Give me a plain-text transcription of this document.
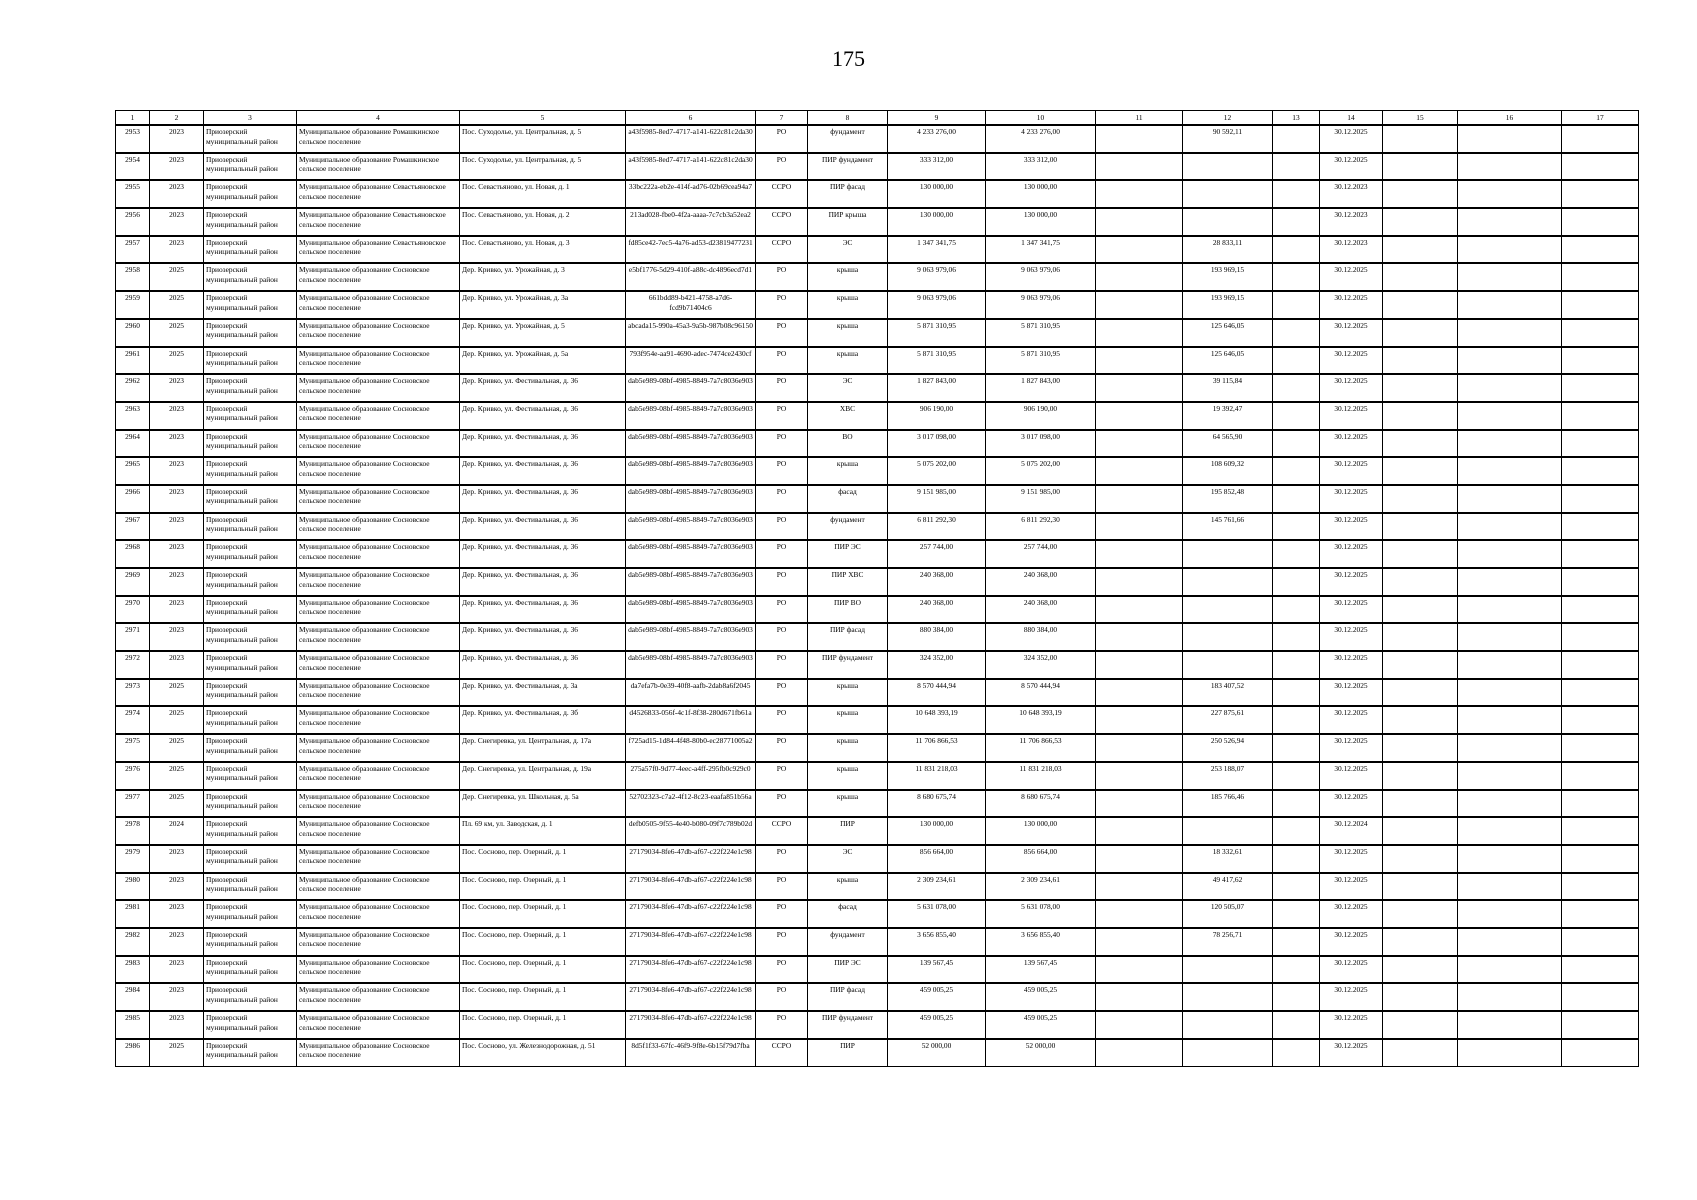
175
1	2	3	4	5	6	7	8	9	10	11	12	13	14	15	16	17
2953	2023	Приозерский муниципальный район	Муниципальное образование Ромашкинское сельское поселение	Пос. Суходолье, ул. Центральная, д. 5	a43f5985-8ed7-4717-a141-622c81c2da30	РО	фундамент	4 233 276,00	4 233 276,00		90 592,11		30.12.2025			
2954	2023	Приозерский муниципальный район	Муниципальное образование Ромашкинское сельское поселение	Пос. Суходолье, ул. Центральная, д. 5	a43f5985-8ed7-4717-a141-622c81c2da30	РО	ПИР фундамент	333 312,00	333 312,00				30.12.2025			
2955	2023	Приозерский муниципальный район	Муниципальное образование Севастьяновское сельское поселение	Пос. Севастьяново, ул. Новая, д. 1	33bc222a-eb2e-414f-ad76-02b69cea94a7	ССРО	ПИР фасад	130 000,00	130 000,00				30.12.2023			
2956	2023	Приозерский муниципальный район	Муниципальное образование Севастьяновское сельское поселение	Пос. Севастьяново, ул. Новая, д. 2	213ad028-fbe0-4f2a-aaaa-7c7cb3a52ea2	ССРО	ПИР крыша	130 000,00	130 000,00				30.12.2023			
2957	2023	Приозерский муниципальный район	Муниципальное образование Севастьяновское сельское поселение	Пос. Севастьяново, ул. Новая, д. 3	fd85ce42-7ec5-4a76-ad53-d23819477231	ССРО	ЭС	1 347 341,75	1 347 341,75		28 833,11		30.12.2023			
2958	2025	Приозерский муниципальный район	Муниципальное образование Сосновское сельское поселение	Дер. Кривко, ул. Урожайная, д. 3	e5bf1776-5d29-410f-a88c-dc4896ecd7d1	РО	крыша	9 063 979,06	9 063 979,06		193 969,15		30.12.2025			
2959	2025	Приозерский муниципальный район	Муниципальное образование Сосновское сельское поселение	Дер. Кривко, ул. Урожайная, д. 3а	661bdd89-b421-4758-a7d6-fcd9b71404c6	РО	крыша	9 063 979,06	9 063 979,06		193 969,15		30.12.2025			
2960	2025	Приозерский муниципальный район	Муниципальное образование Сосновское сельское поселение	Дер. Кривко, ул. Урожайная, д. 5	abcada15-990a-45a3-9a5b-987b08c96150	РО	крыша	5 871 310,95	5 871 310,95		125 646,05		30.12.2025			
2961	2025	Приозерский муниципальный район	Муниципальное образование Сосновское сельское поселение	Дер. Кривко, ул. Урожайная, д. 5а	793f954e-aa91-4690-adec-7474ce2430cf	РО	крыша	5 871 310,95	5 871 310,95		125 646,05		30.12.2025			
2962	2023	Приозерский муниципальный район	Муниципальное образование Сосновское сельское поселение	Дер. Кривко, ул. Фестивальная, д. 36	dab5e989-08bf-4985-8849-7a7c8036e903	РО	ЭС	1 827 843,00	1 827 843,00		39 115,84		30.12.2025			
2963	2023	Приозерский муниципальный район	Муниципальное образование Сосновское сельское поселение	Дер. Кривко, ул. Фестивальная, д. 36	dab5e989-08bf-4985-8849-7a7c8036e903	РО	ХВС	906 190,00	906 190,00		19 392,47		30.12.2025			
2964	2023	Приозерский муниципальный район	Муниципальное образование Сосновское сельское поселение	Дер. Кривко, ул. Фестивальная, д. 36	dab5e989-08bf-4985-8849-7a7c8036e903	РО	ВО	3 017 098,00	3 017 098,00		64 565,90		30.12.2025			
2965	2023	Приозерский муниципальный район	Муниципальное образование Сосновское сельское поселение	Дер. Кривко, ул. Фестивальная, д. 36	dab5e989-08bf-4985-8849-7a7c8036e903	РО	крыша	5 075 202,00	5 075 202,00		108 609,32		30.12.2025			
2966	2023	Приозерский муниципальный район	Муниципальное образование Сосновское сельское поселение	Дер. Кривко, ул. Фестивальная, д. 36	dab5e989-08bf-4985-8849-7a7c8036e903	РО	фасад	9 151 985,00	9 151 985,00		195 852,48		30.12.2025			
2967	2023	Приозерский муниципальный район	Муниципальное образование Сосновское сельское поселение	Дер. Кривко, ул. Фестивальная, д. 36	dab5e989-08bf-4985-8849-7a7c8036e903	РО	фундамент	6 811 292,30	6 811 292,30		145 761,66		30.12.2025			
2968	2023	Приозерский муниципальный район	Муниципальное образование Сосновское сельское поселение	Дер. Кривко, ул. Фестивальная, д. 36	dab5e989-08bf-4985-8849-7a7c8036e903	РО	ПИР ЭС	257 744,00	257 744,00				30.12.2025			
2969	2023	Приозерский муниципальный район	Муниципальное образование Сосновское сельское поселение	Дер. Кривко, ул. Фестивальная, д. 36	dab5e989-08bf-4985-8849-7a7c8036e903	РО	ПИР ХВС	240 368,00	240 368,00				30.12.2025			
2970	2023	Приозерский муниципальный район	Муниципальное образование Сосновское сельское поселение	Дер. Кривко, ул. Фестивальная, д. 36	dab5e989-08bf-4985-8849-7a7c8036e903	РО	ПИР ВО	240 368,00	240 368,00				30.12.2025			
2971	2023	Приозерский муниципальный район	Муниципальное образование Сосновское сельское поселение	Дер. Кривко, ул. Фестивальная, д. 36	dab5e989-08bf-4985-8849-7a7c8036e903	РО	ПИР фасад	880 384,00	880 384,00				30.12.2025			
2972	2023	Приозерский муниципальный район	Муниципальное образование Сосновское сельское поселение	Дер. Кривко, ул. Фестивальная, д. 36	dab5e989-08bf-4985-8849-7a7c8036e903	РО	ПИР фундамент	324 352,00	324 352,00				30.12.2025			
2973	2025	Приозерский муниципальный район	Муниципальное образование Сосновское сельское поселение	Дер. Кривко, ул. Фестивальная, д. 3а	da7efa7b-0e39-40f8-aafb-2dab8a6f2045	РО	крыша	8 570 444,94	8 570 444,94		183 407,52		30.12.2025			
2974	2025	Приозерский муниципальный район	Муниципальное образование Сосновское сельское поселение	Дер. Кривко, ул. Фестивальная, д. 3б	d4526833-056f-4c1f-8f38-280d671fb61a	РО	крыша	10 648 393,19	10 648 393,19		227 875,61		30.12.2025			
2975	2025	Приозерский муниципальный район	Муниципальное образование Сосновское сельское поселение	Дер. Снегиревка, ул. Центральная, д. 17а	f725ad15-1d84-4f48-80b0-ec28771005a2	РО	крыша	11 706 866,53	11 706 866,53		250 526,94		30.12.2025			
2976	2025	Приозерский муниципальный район	Муниципальное образование Сосновское сельское поселение	Дер. Снегиревка, ул. Центральная, д. 19а	275a57f0-9d77-4eec-a4ff-295fb0c929c0	РО	крыша	11 831 218,03	11 831 218,03		253 188,07		30.12.2025			
2977	2025	Приозерский муниципальный район	Муниципальное образование Сосновское сельское поселение	Дер. Снегиревка, ул. Школьная, д. 5а	52702323-c7a2-4f12-8c23-eaafa851b56a	РО	крыша	8 680 675,74	8 680 675,74		185 766,46		30.12.2025			
2978	2024	Приозерский муниципальный район	Муниципальное образование Сосновское сельское поселение	Пл. 69 км, ул. Заводская, д. 1	defb0505-9f55-4e40-b080-09f7c789b02d	ССРО	ПИР	130 000,00	130 000,00				30.12.2024			
2979	2023	Приозерский муниципальный район	Муниципальное образование Сосновское сельское поселение	Пос. Сосново, пер. Озерный, д. 1	27179034-8fe6-47db-af67-c22f224e1c98	РО	ЭС	856 664,00	856 664,00		18 332,61		30.12.2025			
2980	2023	Приозерский муниципальный район	Муниципальное образование Сосновское сельское поселение	Пос. Сосново, пер. Озерный, д. 1	27179034-8fe6-47db-af67-c22f224e1c98	РО	крыша	2 309 234,61	2 309 234,61		49 417,62		30.12.2025			
2981	2023	Приозерский муниципальный район	Муниципальное образование Сосновское сельское поселение	Пос. Сосново, пер. Озерный, д. 1	27179034-8fe6-47db-af67-c22f224e1c98	РО	фасад	5 631 078,00	5 631 078,00		120 505,07		30.12.2025			
2982	2023	Приозерский муниципальный район	Муниципальное образование Сосновское сельское поселение	Пос. Сосново, пер. Озерный, д. 1	27179034-8fe6-47db-af67-c22f224e1c98	РО	фундамент	3 656 855,40	3 656 855,40		78 256,71		30.12.2025			
2983	2023	Приозерский муниципальный район	Муниципальное образование Сосновское сельское поселение	Пос. Сосново, пер. Озерный, д. 1	27179034-8fe6-47db-af67-c22f224e1c98	РО	ПИР ЭС	139 567,45	139 567,45				30.12.2025			
2984	2023	Приозерский муниципальный район	Муниципальное образование Сосновское сельское поселение	Пос. Сосново, пер. Озерный, д. 1	27179034-8fe6-47db-af67-c22f224e1c98	РО	ПИР фасад	459 005,25	459 005,25				30.12.2025			
2985	2023	Приозерский муниципальный район	Муниципальное образование Сосновское сельское поселение	Пос. Сосново, пер. Озерный, д. 1	27179034-8fe6-47db-af67-c22f224e1c98	РО	ПИР фундамент	459 005,25	459 005,25				30.12.2025			
2986	2025	Приозерский муниципальный район	Муниципальное образование Сосновское сельское поселение	Пос. Сосново, ул. Железнодорожная, д. 51	8d5f1f33-67fc-46f9-9f8e-6b15f79d7fba	ССРО	ПИР	52 000,00	52 000,00				30.12.2025			
